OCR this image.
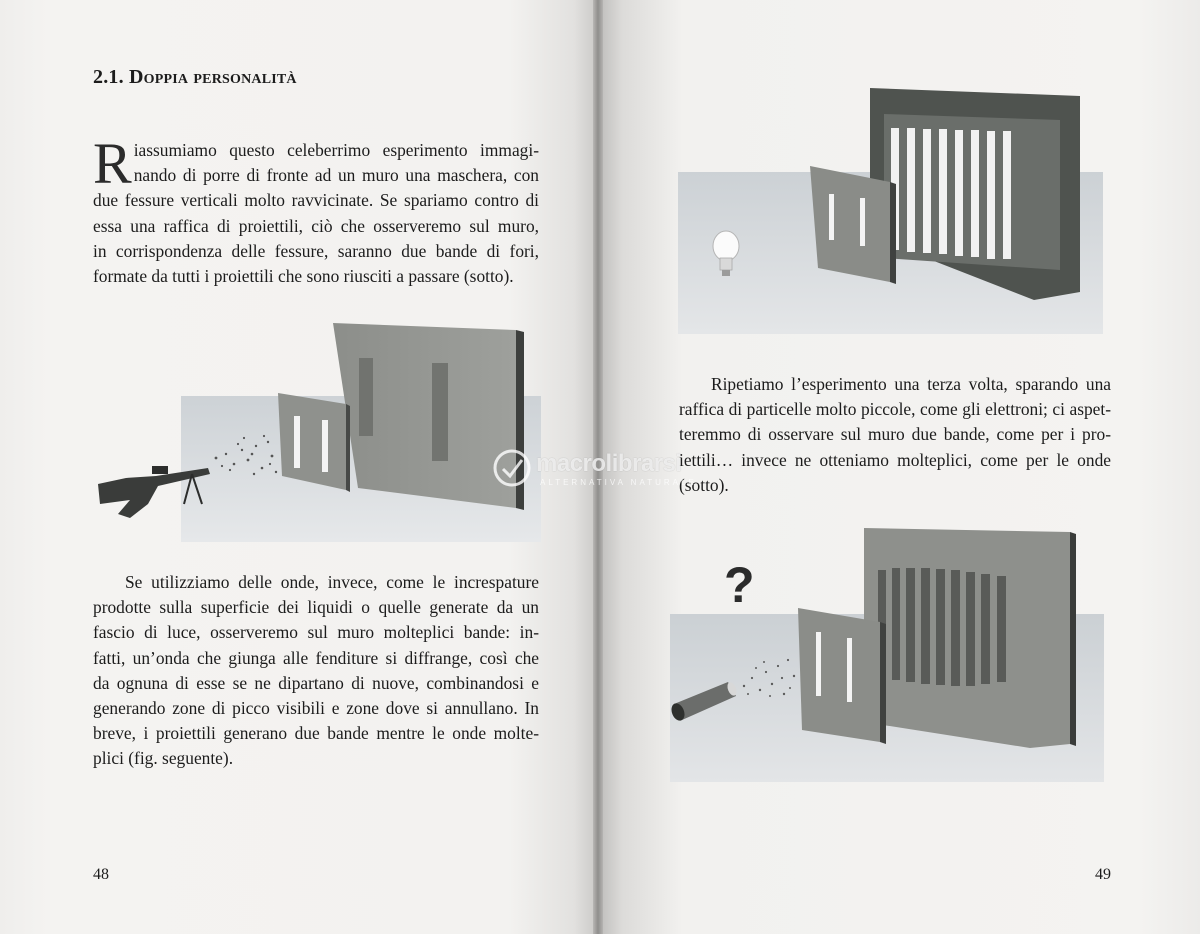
2.1. Doppia personalità
R iassumiamo questo celeberrimo esperimento immagi-
nando di porre di fronte ad un muro una maschera, con
due fessure verticali molto ravvicinate. Se spariamo contro di
essa una raffica di proiettili, ciò che osserveremo sul muro,
in corrispondenza delle fessure, saranno due bande di fori,
formate da tutti i proiettili che sono riusciti a passare (sotto).
Se utilizziamo delle onde, invece, come le increspature
prodotte sulla superficie dei liquidi o quelle generate da un
fascio di luce, osserveremo sul muro molteplici bande: in-
fatti, un’onda che giunga alle fenditure si diffrange, così che
da ognuna di esse se ne dipartano di nuove, combinandosi e
generando zone di picco visibili e zone dove si annullano. In
breve, i proiettili generano due bande mentre le onde molte-
plici (fig. seguente).
48
Ripetiamo l’esperimento una terza volta, sparando una
raffica di particelle molto piccole, come gli elettroni; ci aspet-
teremmo di osservare sul muro due bande, come per i pro-
iettili… invece ne otteniamo molteplici, come per le onde
(sotto).
?
49
macrolibrarsi
ALTERNATIVA NATURALE
